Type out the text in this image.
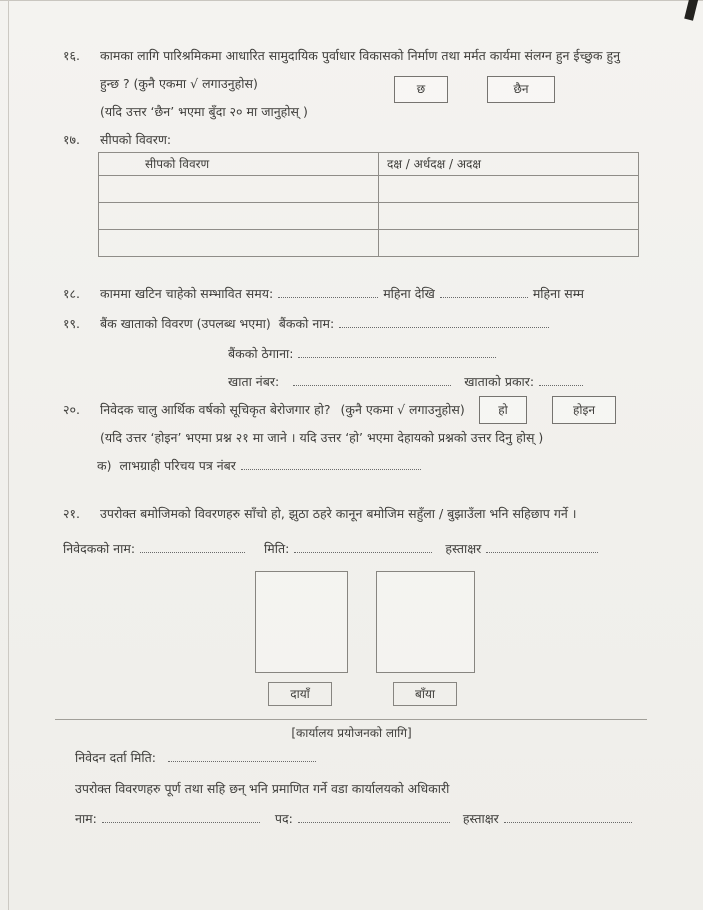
१६. कामका लागि पारिश्रमिकमा आधारित सामुदायिक पुर्वाधार विकासको निर्माण तथा मर्मत कार्यमा संलग्न हुन ईच्छुक हुनु
हुन्छ ? (कुनै एकमा √ लगाउनुहोस)	छ	छैन
(यदि उत्तर ‘छैन’ भएमा बुँदा २० मा जानुहोस् )
१७. सीपको विवरण:
सीपको विवरण	दक्ष / अर्धदक्ष / अदक्ष

१८. काममा खटिन चाहेको सम्भावित समय:	महिना देखि	महिना सम्म
१९. बैंक खाताको विवरण (उपलब्ध भएमा) बैंकको नाम:
बैंकको ठेगाना:
खाता नंबर:	खाताको प्रकार:
२०. निवेदक चालु आर्थिक वर्षको सूचिकृत बेरोजगार हो? (कुनै एकमा √ लगाउनुहोस)	हो	होइन
(यदि उत्तर ‘होइन’ भएमा प्रश्न २१ मा जाने । यदि उत्तर ‘हो’ भएमा देहायको प्रश्नको उत्तर दिनु होस् )
क) लाभग्राही परिचय पत्र नंबर
२१. उपरोक्त बमोजिमको विवरणहरु साँचो हो, झुठा ठहरे कानून बमोजिम सहुँला / बुझाउँला भनि सहिछाप गर्ने ।
निवेदकको नाम:	मिति:	हस्ताक्षर
दायाँ	बाँया
[कार्यालय प्रयोजनको लागि]
निवेदन दर्ता मिति:
उपरोक्त विवरणहरु पूर्ण तथा सहि छन् भनि प्रमाणित गर्ने वडा कार्यालयको अधिकारी
नाम:	पद:	हस्ताक्षर
